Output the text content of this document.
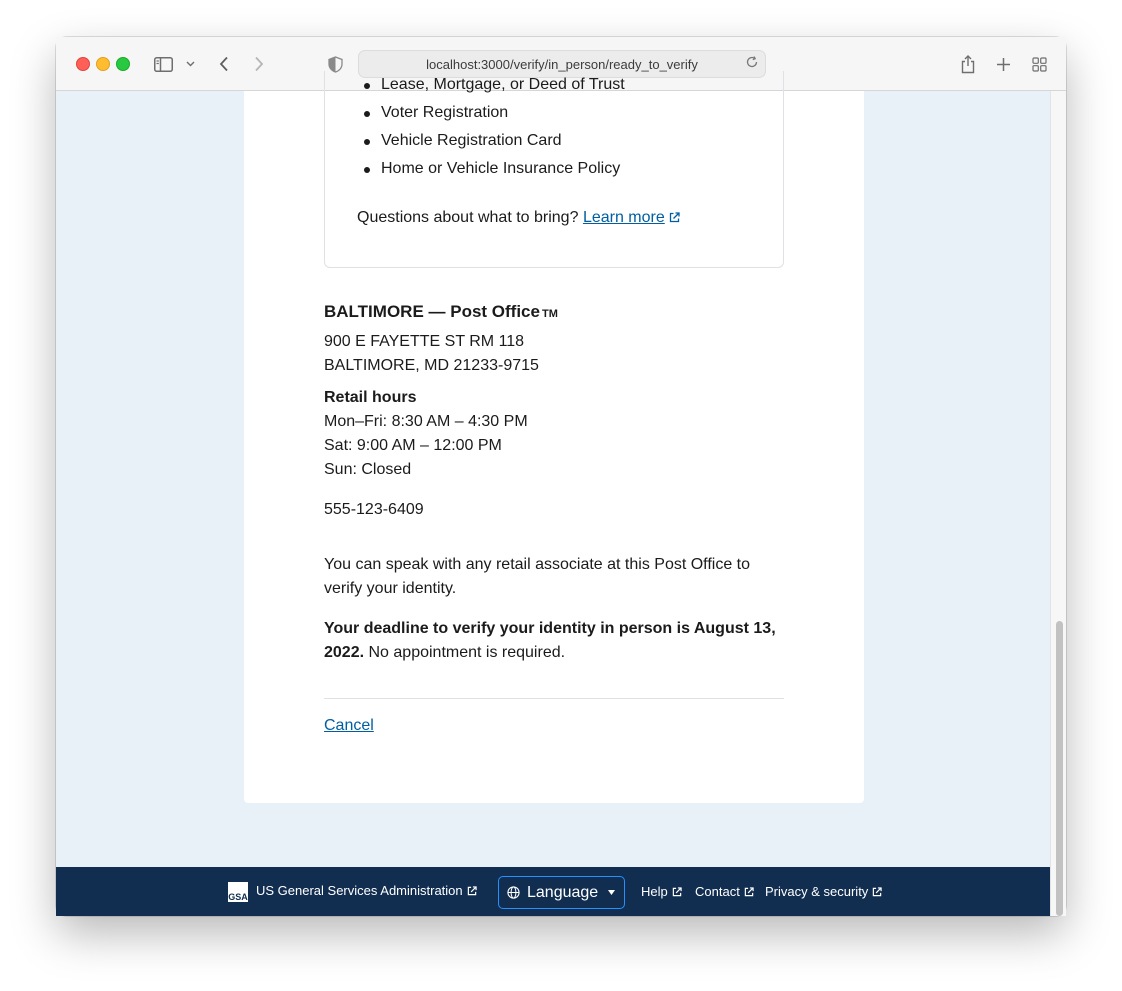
localhost:3000/verify/in_person/ready_to_verify
Lease, Mortgage, or Deed of Trust
Voter Registration
Vehicle Registration Card
Home or Vehicle Insurance Policy
Questions about what to bring? Learn more
BALTIMORE — Post Office TM
900 E FAYETTE ST RM 118
BALTIMORE, MD 21233-9715
Retail hours
Mon–Fri: 8:30 AM – 4:30 PM
Sat: 9:00 AM – 12:00 PM
Sun: Closed
555-123-6409
You can speak with any retail associate at this Post Office to verify your identity.
Your deadline to verify your identity in person is August 13, 2022. No appointment is required.
Cancel
GSA US General Services Administration	Language	Help	Contact	Privacy & security
